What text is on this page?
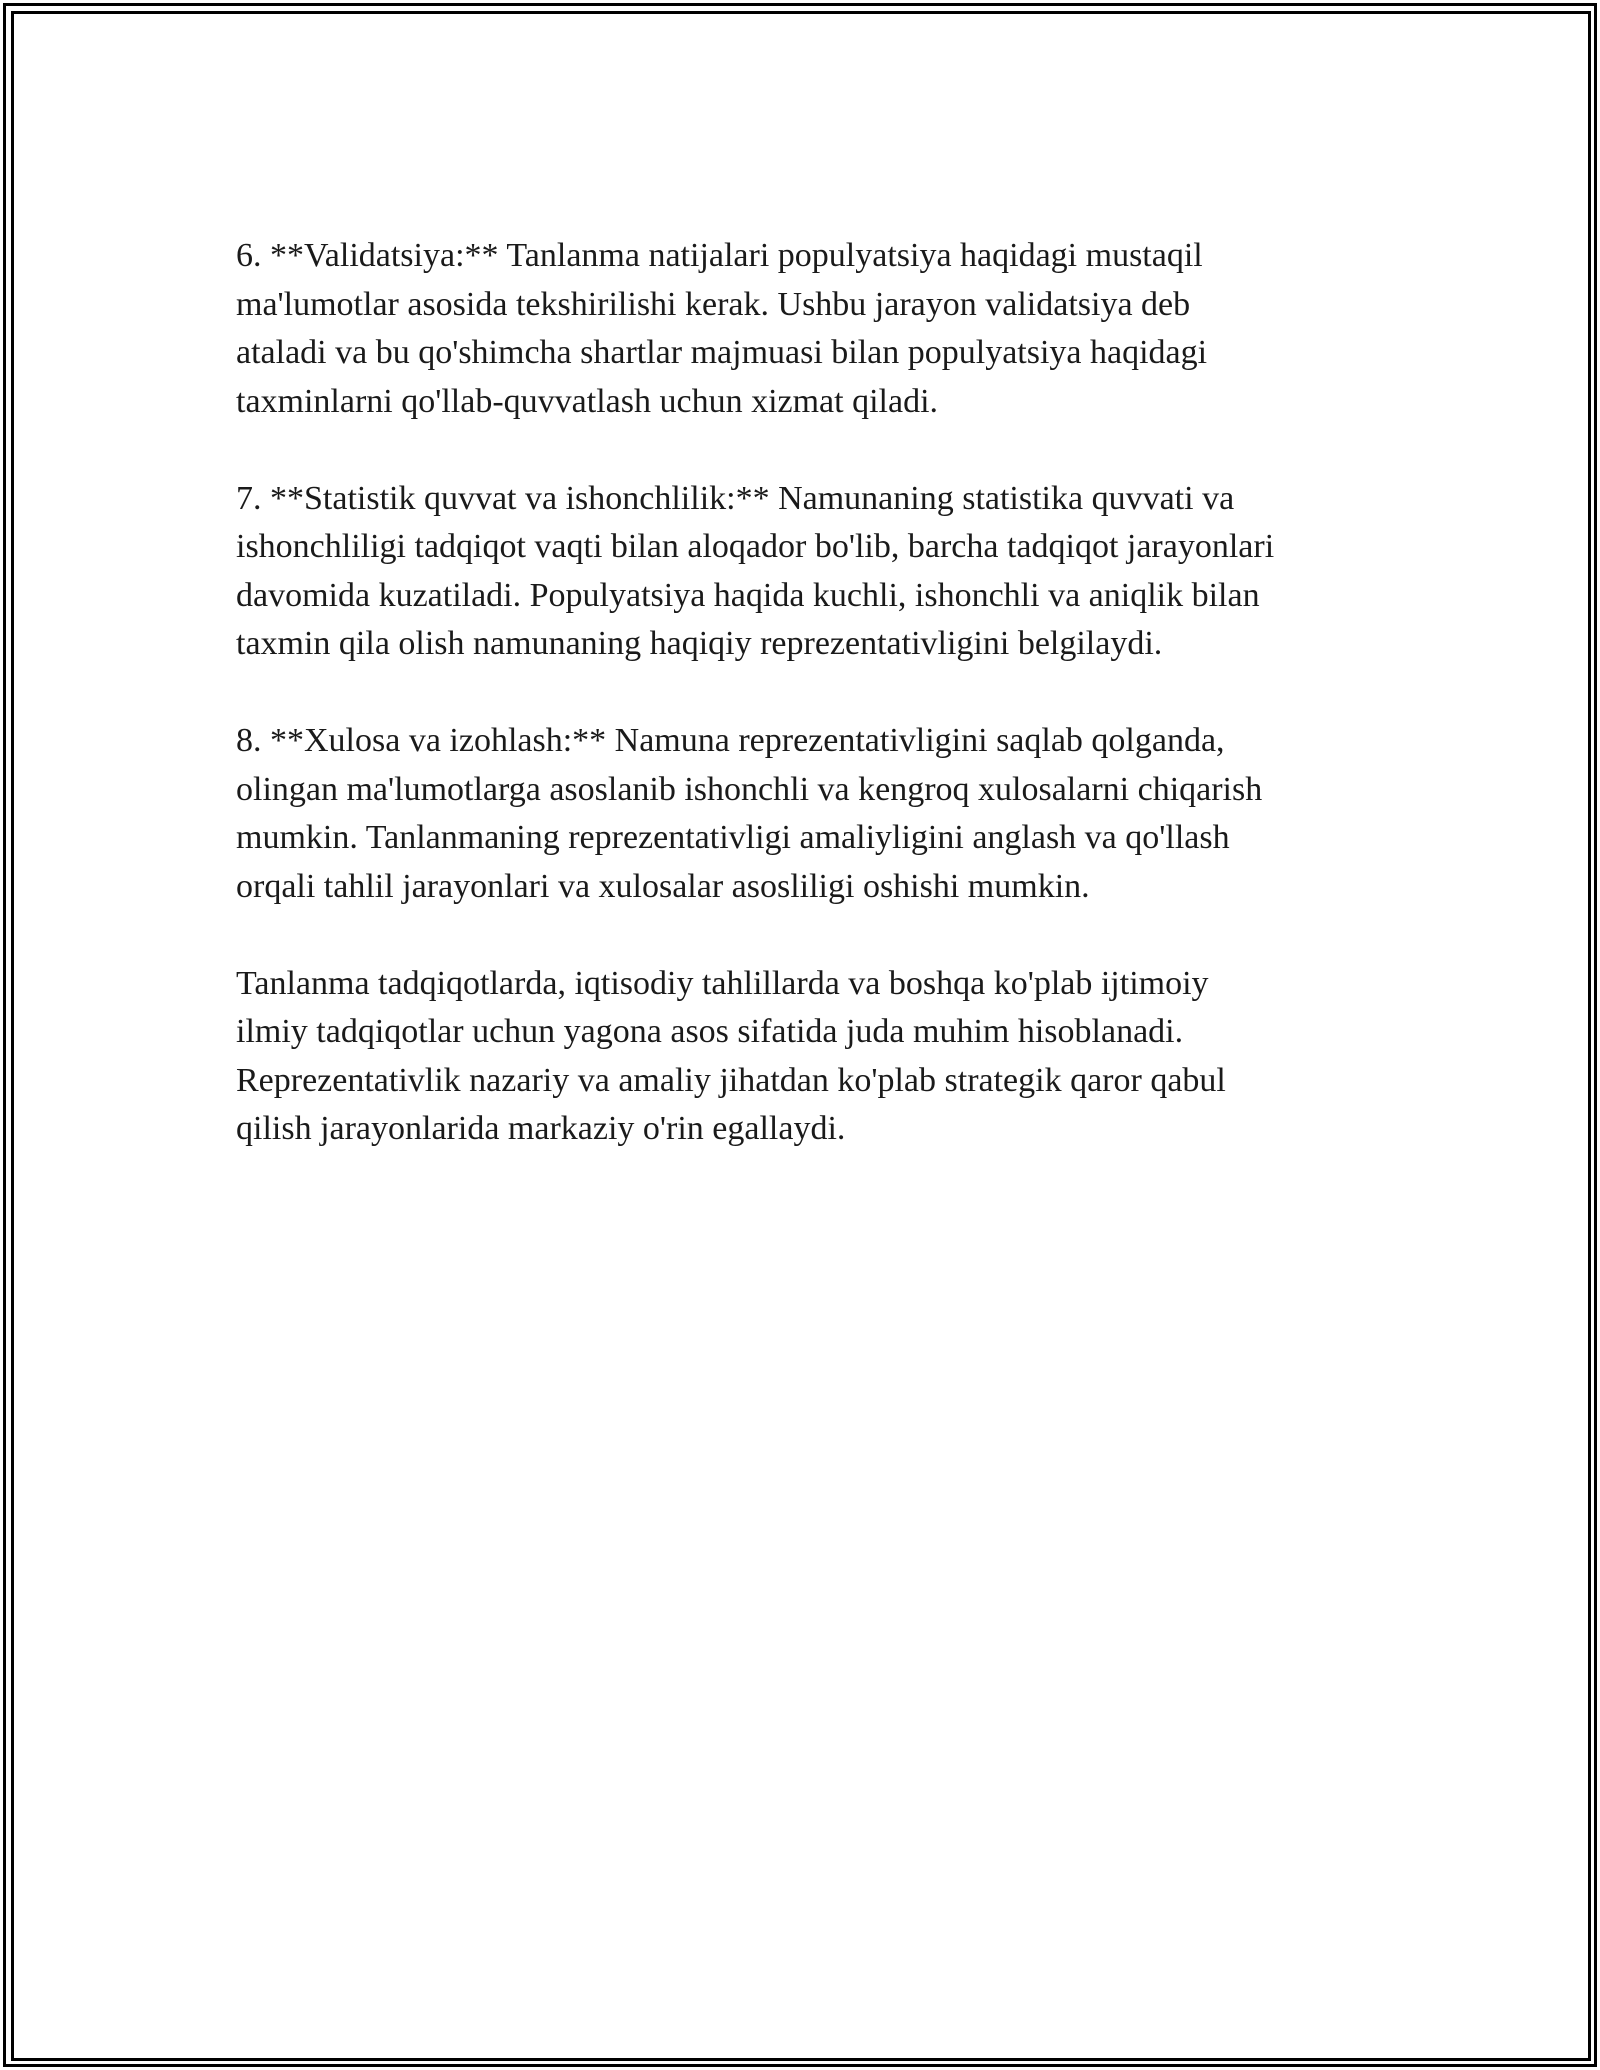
6. **Validatsiya:** Tanlanma natijalari populyatsiya haqidagi mustaqil
ma'lumotlar asosida tekshirilishi kerak. Ushbu jarayon validatsiya deb
ataladi va bu qo'shimcha shartlar majmuasi bilan populyatsiya haqidagi
taxminlarni qo'llab-quvvatlash uchun xizmat qiladi.

7. **Statistik quvvat va ishonchlilik:** Namunaning statistika quvvati va
ishonchliligi tadqiqot vaqti bilan aloqador bo'lib, barcha tadqiqot jarayonlari
davomida kuzatiladi. Populyatsiya haqida kuchli, ishonchli va aniqlik bilan
taxmin qila olish namunaning haqiqiy reprezentativligini belgilaydi.

8. **Xulosa va izohlash:** Namuna reprezentativligini saqlab qolganda,
olingan ma'lumotlarga asoslanib ishonchli va kengroq xulosalarni chiqarish
mumkin. Tanlanmaning reprezentativligi amaliyligini anglash va qo'llash
orqali tahlil jarayonlari va xulosalar asosliligi oshishi mumkin.

Tanlanma tadqiqotlarda, iqtisodiy tahlillarda va boshqa ko'plab ijtimoiy
ilmiy tadqiqotlar uchun yagona asos sifatida juda muhim hisoblanadi.
Reprezentativlik nazariy va amaliy jihatdan ko'plab strategik qaror qabul
qilish jarayonlarida markaziy o'rin egallaydi.
